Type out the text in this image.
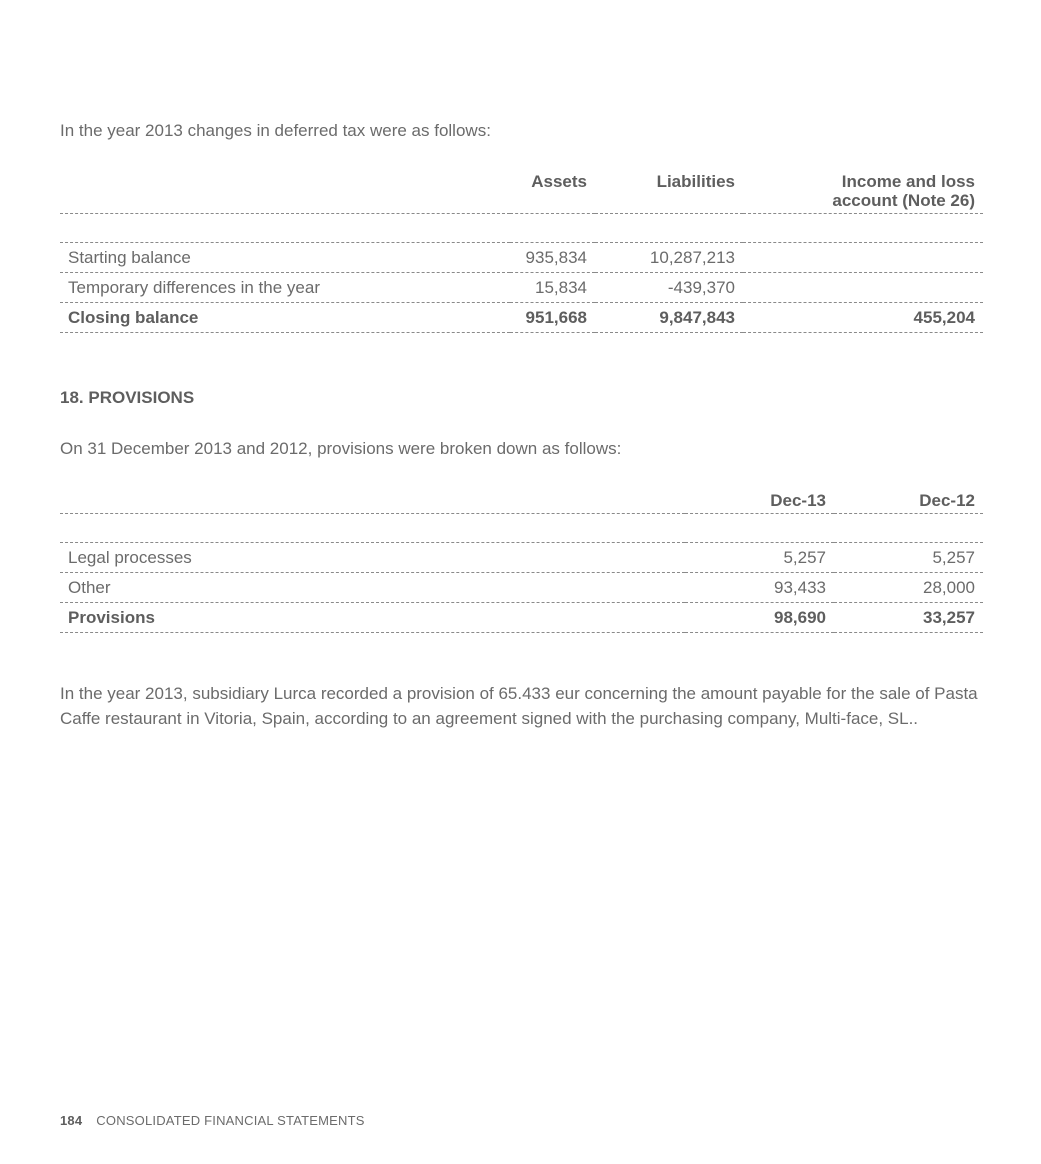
In the year 2013 changes in deferred tax were as follows:

	Assets	Liabilities	Income and loss
account (Note 26)

Starting balance	935,834	10,287,213	
Temporary differences in the year	15,834	-439,370	
Closing balance	951,668	9,847,843	455,204

18. PROVISIONS

On 31 December 2013 and 2012, provisions were broken down as follows:

	Dec-13	Dec-12

Legal processes	5,257	5,257
Other	93,433	28,000
Provisions	98,690	33,257

In the year 2013, subsidiary Lurca recorded a provision of 65.433 eur concerning the amount payable for the sale of Pasta Caffe restaurant in Vitoria, Spain, according to an agreement signed with the purchasing company, Multi-face, SL..

184 CONSOLIDATED FINANCIAL STATEMENTS
